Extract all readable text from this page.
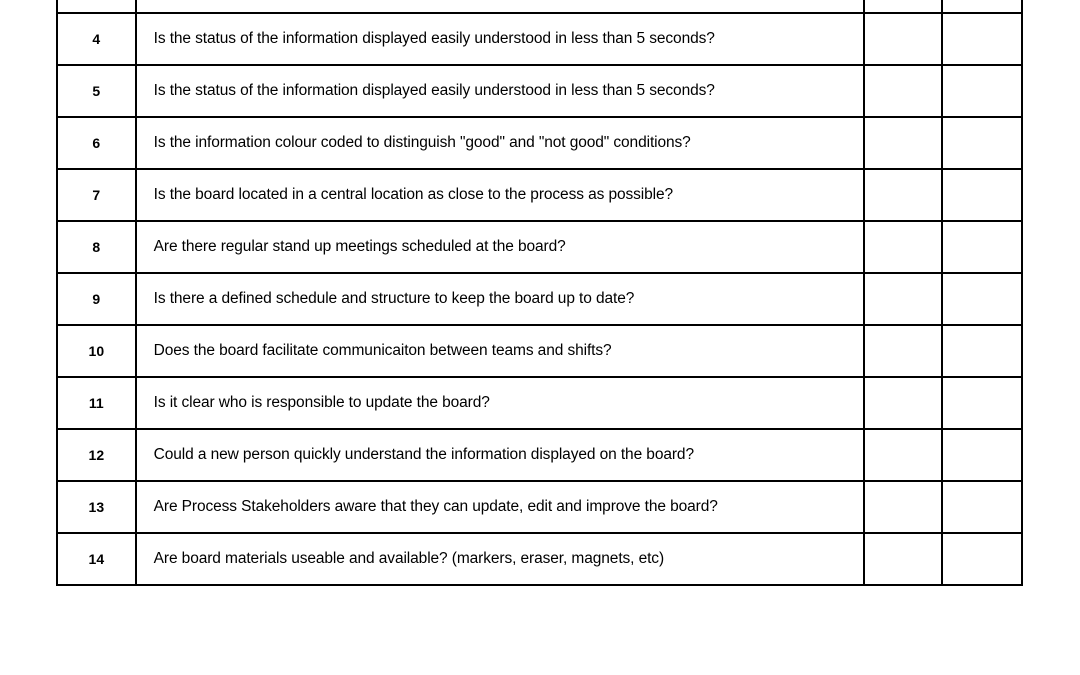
4	Is the status of the information displayed easily understood in less than 5 seconds?		
5	Is the status of the information displayed easily understood in less than 5 seconds?		
6	Is the information colour coded to distinguish "good" and "not good" conditions?		
7	Is the board located in a central location as close to the process as possible?		
8	Are there regular stand up meetings scheduled at the board?		
9	Is there a defined schedule and structure to keep the board up to date?		
10	Does the board facilitate communicaiton between teams and shifts?		
11	Is it clear who is responsible to update the board?		
12	Could a new person quickly understand the information displayed on the board?		
13	Are Process Stakeholders aware that they can update, edit and improve the board?		
14	Are board materials useable and available? (markers, eraser, magnets, etc)		
